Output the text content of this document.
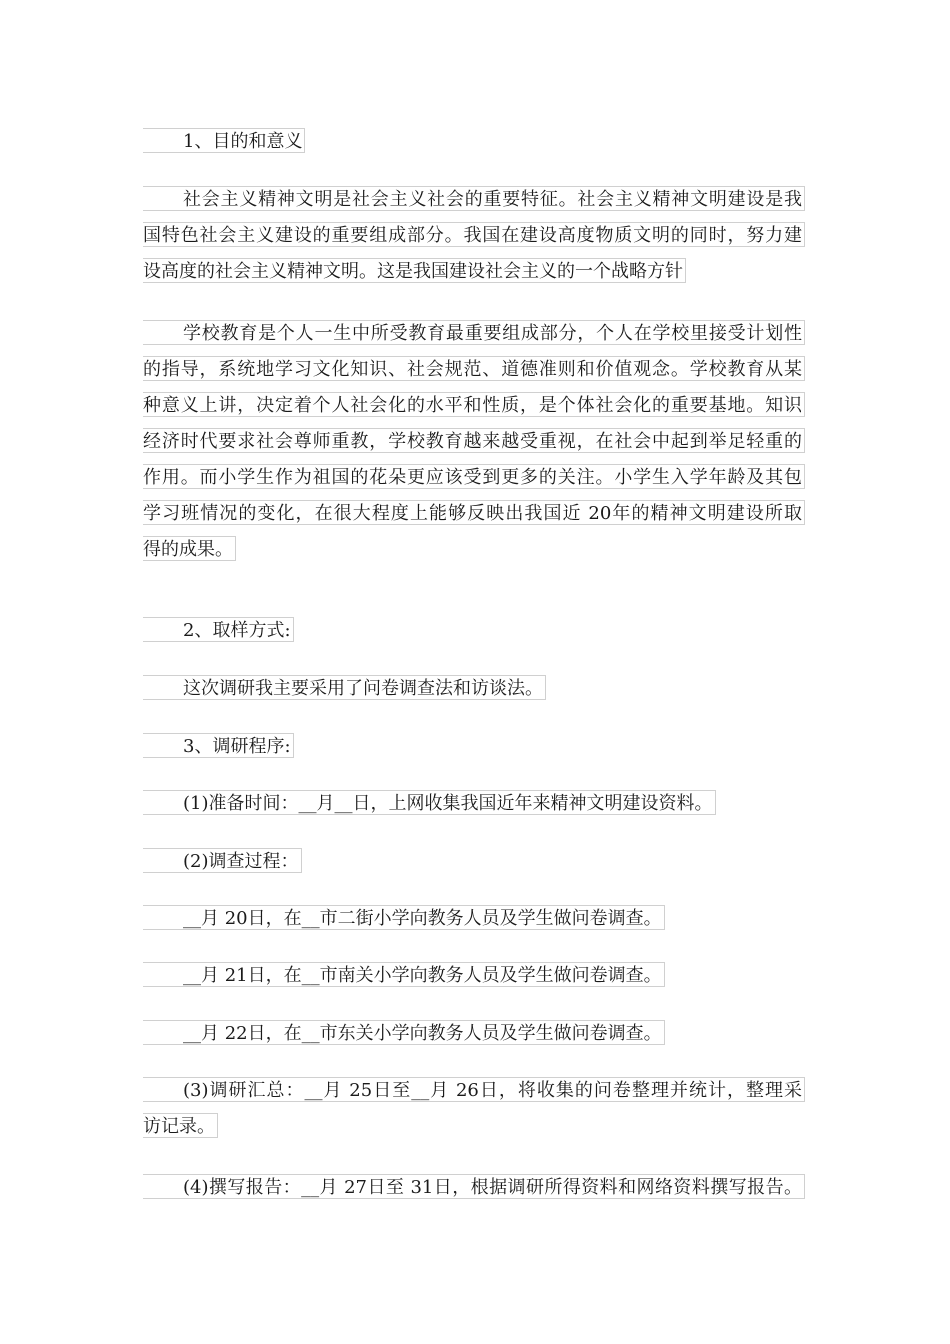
1、目的和意义
社会主义精神文明是社会主义社会的重要特征。社会主义精神文明建设是我
国特色社会主义建设的重要组成部分。我国在建设高度物质文明的同时，努力建
设高度的社会主义精神文明。这是我国建设社会主义的一个战略方针
学校教育是个人一生中所受教育最重要组成部分，个人在学校里接受计划性
的指导，系统地学习文化知识、社会规范、道德准则和价值观念。学校教育从某
种意义上讲，决定着个人社会化的水平和性质，是个体社会化的重要基地。知识
经济时代要求社会尊师重教，学校教育越来越受重视，在社会中起到举足轻重的
作用。而小学生作为祖国的花朵更应该受到更多的关注。小学生入学年龄及其包
学习班情况的变化，在很大程度上能够反映出我国近 20年的精神文明建设所取
得的成果。
2、取样方式:
这次调研我主要采用了问卷调查法和访谈法。
3、调研程序:
(1)准备时间：__月__日，上网收集我国近年来精神文明建设资料。
(2)调查过程：
__月 20日，在__市二街小学向教务人员及学生做问卷调查。
__月 21日，在__市南关小学向教务人员及学生做问卷调查。
__月 22日，在__市东关小学向教务人员及学生做问卷调查。
(3)调研汇总：__月 25日至__月 26日，将收集的问卷整理并统计，整理采
访记录。
(4)撰写报告：__月 27日至 31日，根据调研所得资料和网络资料撰写报告。
